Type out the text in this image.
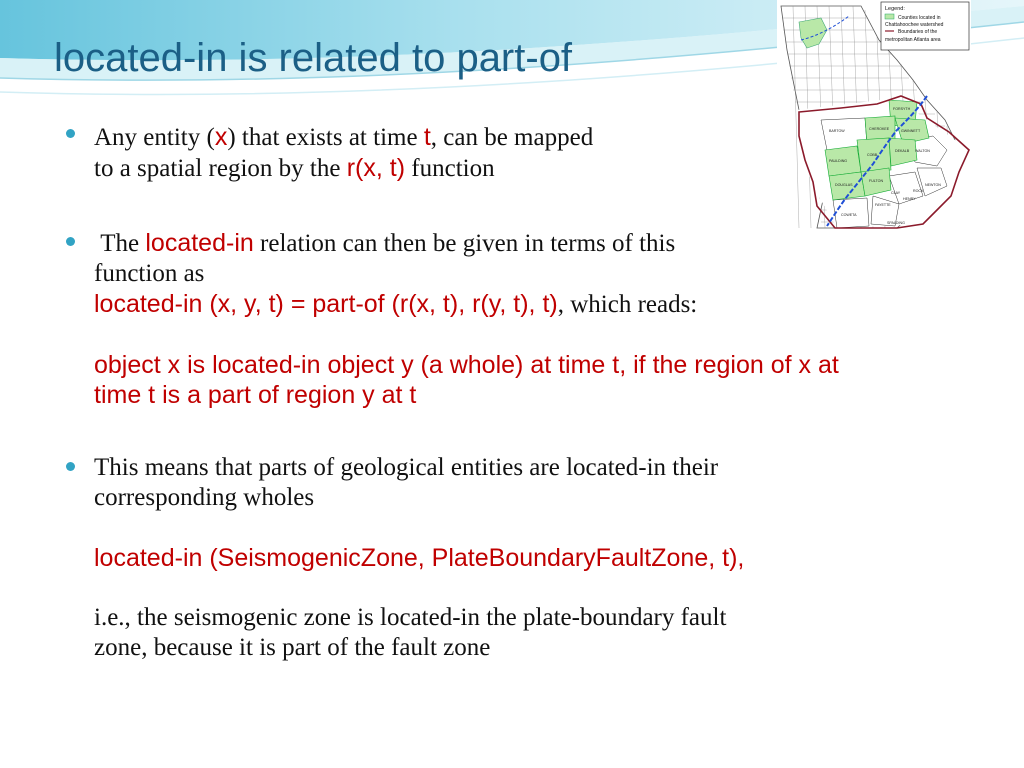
located-in is related to part-of
Any entity (x) that exists at time t, can be mapped
to a spatial region by the r(x, t) function
The located-in relation can then be given in terms of this
function as
located-in (x, y, t) = part-of (r(x, t), r(y, t), t), which reads:
object x is located-in object y (a whole) at time t, if the region of x at
time t is a part of region y at t
This means that parts of geological entities are located-in their
corresponding wholes
located-in (SeismogenicZone, PlateBoundaryFaultZone, t),
i.e., the seismogenic zone is located-in the plate-boundary fault
zone, because it is part of the fault zone
Legend:
Counties located in
Chattahoochee watershed
Boundaries of the
metropolitan Atlanta area
FORSYTH
BARTOW	CHEROKEE	GWINNETT
PAULDING
COBB
WALTON
DOUGLAS
FULTON
DEKALB
NEWTON
ROCK
CLAY
HENRY
FAYETTE
COWETA
SPALDING
